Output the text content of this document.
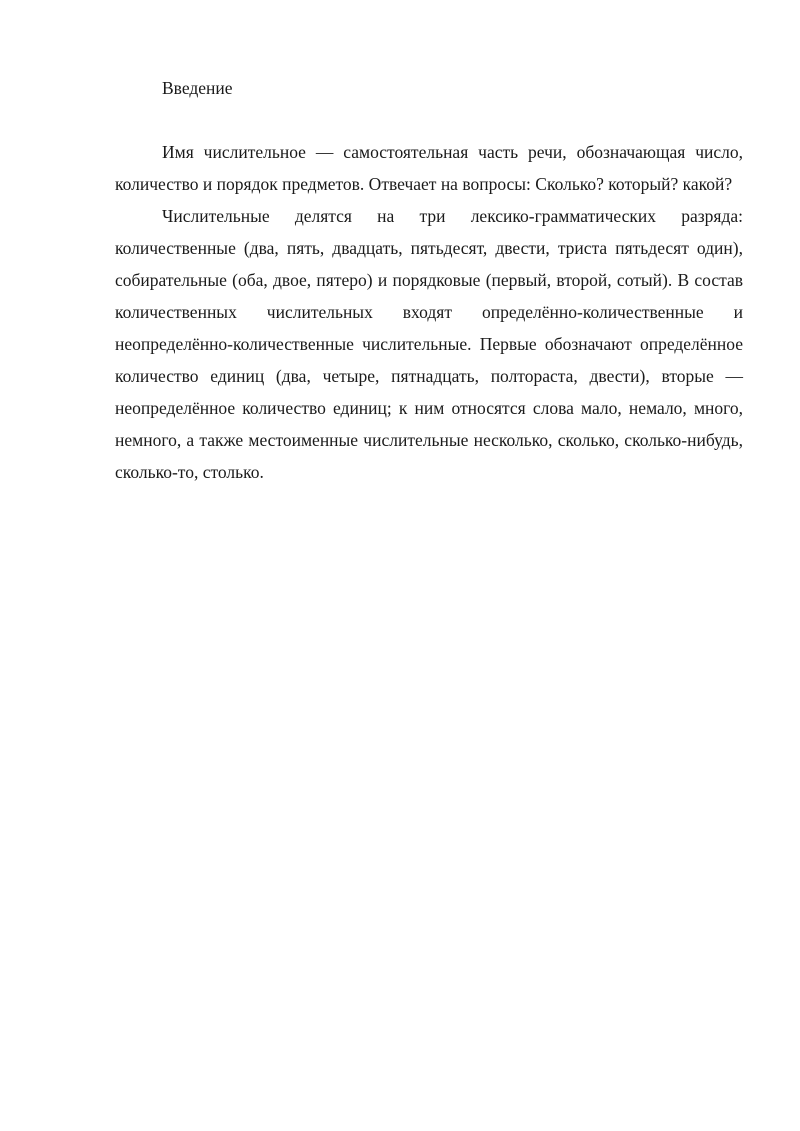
Введение

Имя числительное — самостоятельная часть речи, обозначающая число, количество и порядок предметов. Отвечает на вопросы: Сколько? который? какой?

Числительные делятся на три лексико-грамматических разряда: количественные (два, пять, двадцать, пятьдесят, двести, триста пятьдесят один), собирательные (оба, двое, пятеро) и порядковые (первый, второй, сотый). В состав количественных числительных входят определённо-количественные и неопределённо-количественные числительные. Первые обозначают определённое количество единиц (два, четыре, пятнадцать, полтораста, двести), вторые — неопределённое количество единиц; к ним относятся слова мало, немало, много, немного, а также местоименные числительные несколько, сколько, сколько-нибудь, сколько-то, столько.
